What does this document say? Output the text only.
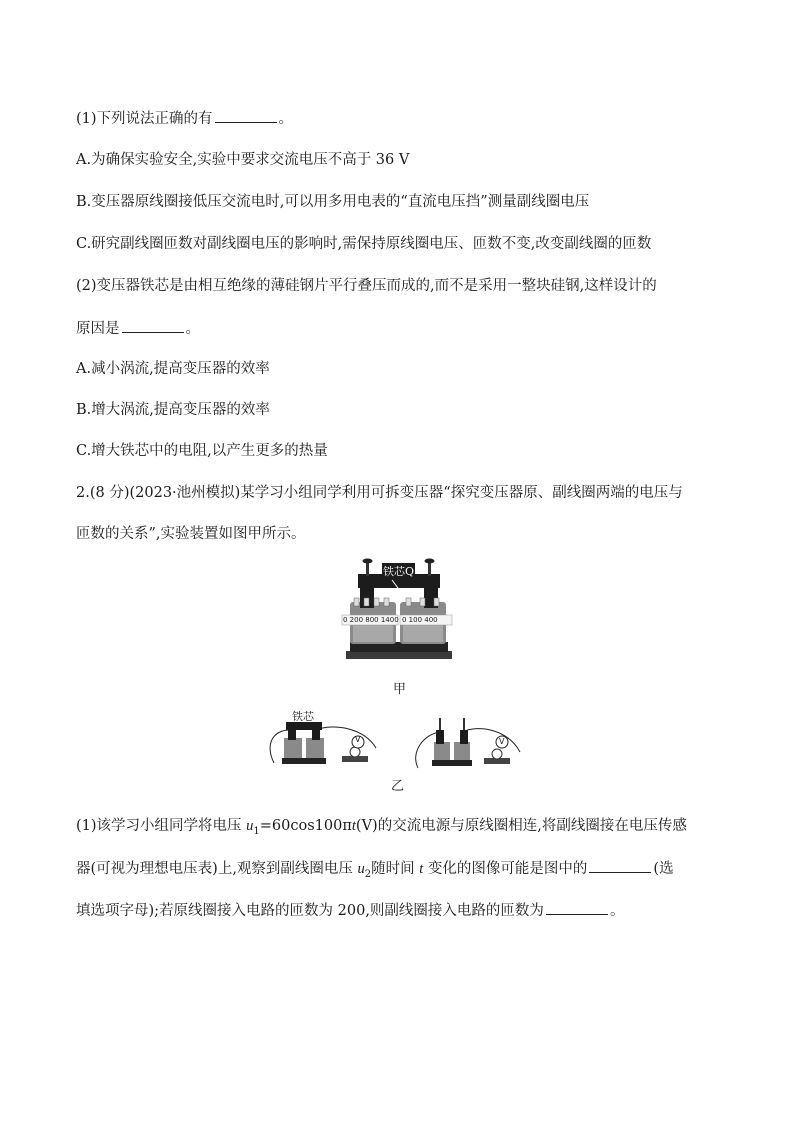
(1)下列说法正确的有	。
A.为确保实验安全,实验中要求交流电压不高于 36 V
B.变压器原线圈接低压交流电时,可以用多用电表的“直流电压挡”测量副线圈电压
C.研究副线圈匝数对副线圈电压的影响时,需保持原线圈电压、匝数不变,改变副线圈的匝数
(2)变压器铁芯是由相互绝缘的薄硅钢片平行叠压而成的,而不是采用一整块硅钢,这样设计的
原因是	。
A.减小涡流,提高变压器的效率
B.增大涡流,提高变压器的效率
C.增大铁芯中的电阻,以产生更多的热量
2.(8 分)(2023·池州模拟)某学习小组同学利用可拆变压器“探究变压器原、副线圈两端的电压与
匝数的关系”,实验装置如图甲所示。
铁芯Q
0 200 800 1400 0 100 400
甲
铁芯
V	V
乙
(1)该学习小组同学将电压 $u_1=60\cos 100\pi t(V)$的交流电源与原线圈相连,将副线圈接在电压传感
器(可视为理想电压表)上,观察到副线圈电压 $u_2$随时间 t 变化的图像可能是图中的	(选
填选项字母);若原线圈接入电路的匝数为 200,则副线圈接入电路的匝数为	。
